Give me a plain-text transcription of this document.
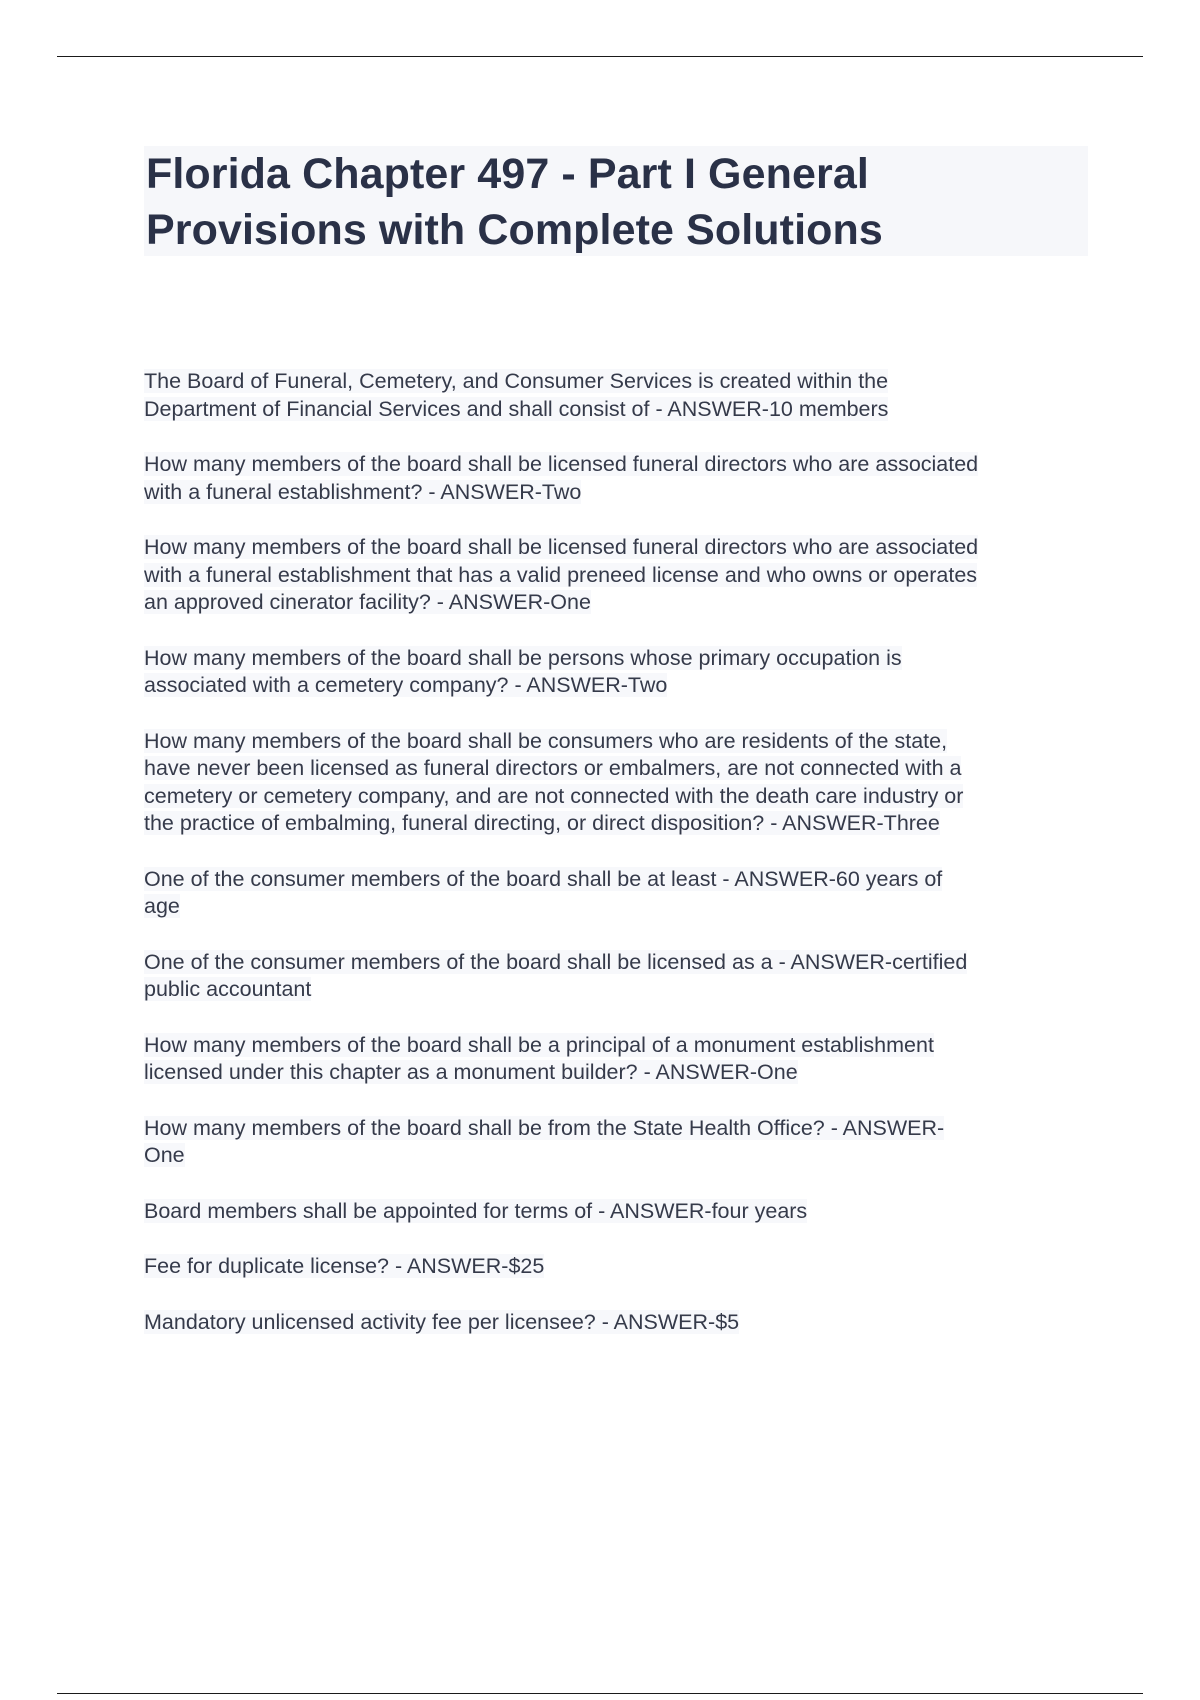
Florida Chapter 497 - Part I General
Provisions with Complete Solutions
The Board of Funeral, Cemetery, and Consumer Services is created within the
Department of Financial Services and shall consist of - ANSWER-10 members
How many members of the board shall be licensed funeral directors who are associated
with a funeral establishment? - ANSWER-Two
How many members of the board shall be licensed funeral directors who are associated
with a funeral establishment that has a valid preneed license and who owns or operates
an approved cinerator facility? - ANSWER-One
How many members of the board shall be persons whose primary occupation is
associated with a cemetery company? - ANSWER-Two
How many members of the board shall be consumers who are residents of the state,
have never been licensed as funeral directors or embalmers, are not connected with a
cemetery or cemetery company, and are not connected with the death care industry or
the practice of embalming, funeral directing, or direct disposition? - ANSWER-Three
One of the consumer members of the board shall be at least - ANSWER-60 years of
age
One of the consumer members of the board shall be licensed as a - ANSWER-certified
public accountant
How many members of the board shall be a principal of a monument establishment
licensed under this chapter as a monument builder? - ANSWER-One
How many members of the board shall be from the State Health Office? - ANSWER-
One
Board members shall be appointed for terms of - ANSWER-four years
Fee for duplicate license? - ANSWER-$25
Mandatory unlicensed activity fee per licensee? - ANSWER-$5
